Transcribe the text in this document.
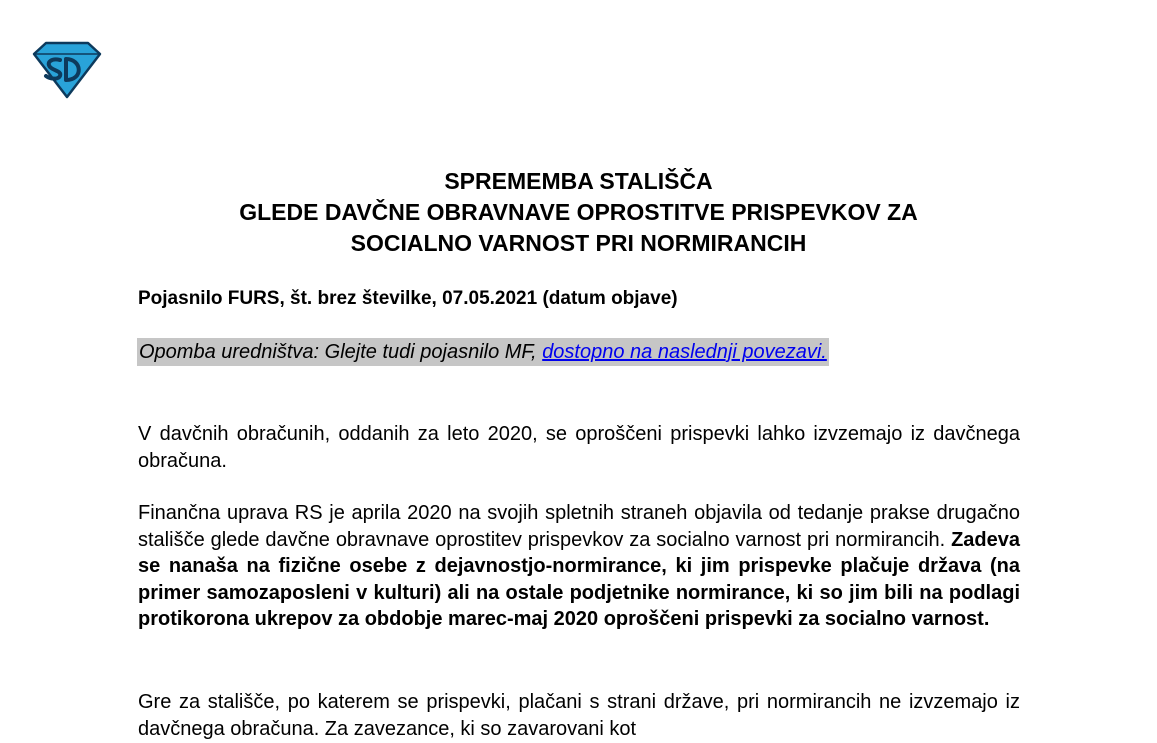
SPREMEMBA STALIŠČA
GLEDE DAVČNE OBRAVNAVE OPROSTITVE PRISPEVKOV ZA
SOCIALNO VARNOST PRI NORMIRANCIH
Pojasnilo FURS, št. brez številke, 07.05.2021 (datum objave)
Opomba uredništva: Glejte tudi pojasnilo MF, dostopno na naslednji povezavi.

V davčnih obračunih, oddanih za leto 2020, se oproščeni prispevki lahko izvzemajo iz davčnega obračuna.

Finančna uprava RS je aprila 2020 na svojih spletnih straneh objavila od tedanje prakse drugačno stališče glede davčne obravnave oprostitev prispevkov za socialno varnost pri normirancih. Zadeva se nanaša na fizične osebe z dejavnostjo-normirance, ki jim prispevke plačuje država (na primer samozaposleni v kulturi) ali na ostale podjetnike normirance, ki so jim bili na podlagi protikorona ukrepov za obdobje marec-maj 2020 oproščeni prispevki za socialno varnost.

Gre za stališče, po katerem se prispevki, plačani s strani države, pri normirancih ne izvzemajo iz davčnega obračuna. Za zavezance, ki so zavarovani kot
